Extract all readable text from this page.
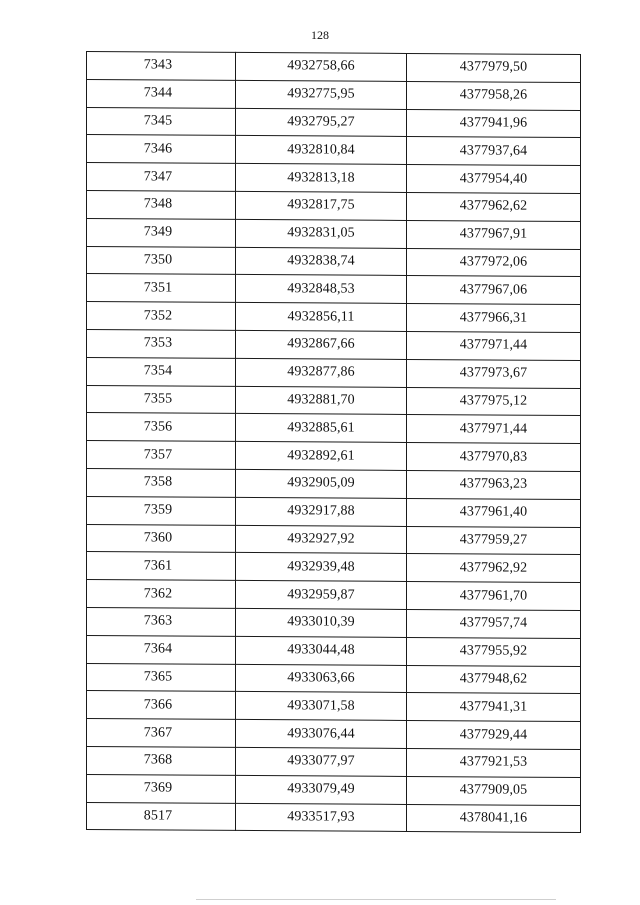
128
7343	4932758,66	4377979,50
7344	4932775,95	4377958,26
7345	4932795,27	4377941,96
7346	4932810,84	4377937,64
7347	4932813,18	4377954,40
7348	4932817,75	4377962,62
7349	4932831,05	4377967,91
7350	4932838,74	4377972,06
7351	4932848,53	4377967,06
7352	4932856,11	4377966,31
7353	4932867,66	4377971,44
7354	4932877,86	4377973,67
7355	4932881,70	4377975,12
7356	4932885,61	4377971,44
7357	4932892,61	4377970,83
7358	4932905,09	4377963,23
7359	4932917,88	4377961,40
7360	4932927,92	4377959,27
7361	4932939,48	4377962,92
7362	4932959,87	4377961,70
7363	4933010,39	4377957,74
7364	4933044,48	4377955,92
7365	4933063,66	4377948,62
7366	4933071,58	4377941,31
7367	4933076,44	4377929,44
7368	4933077,97	4377921,53
7369	4933079,49	4377909,05
8517	4933517,93	4378041,16
